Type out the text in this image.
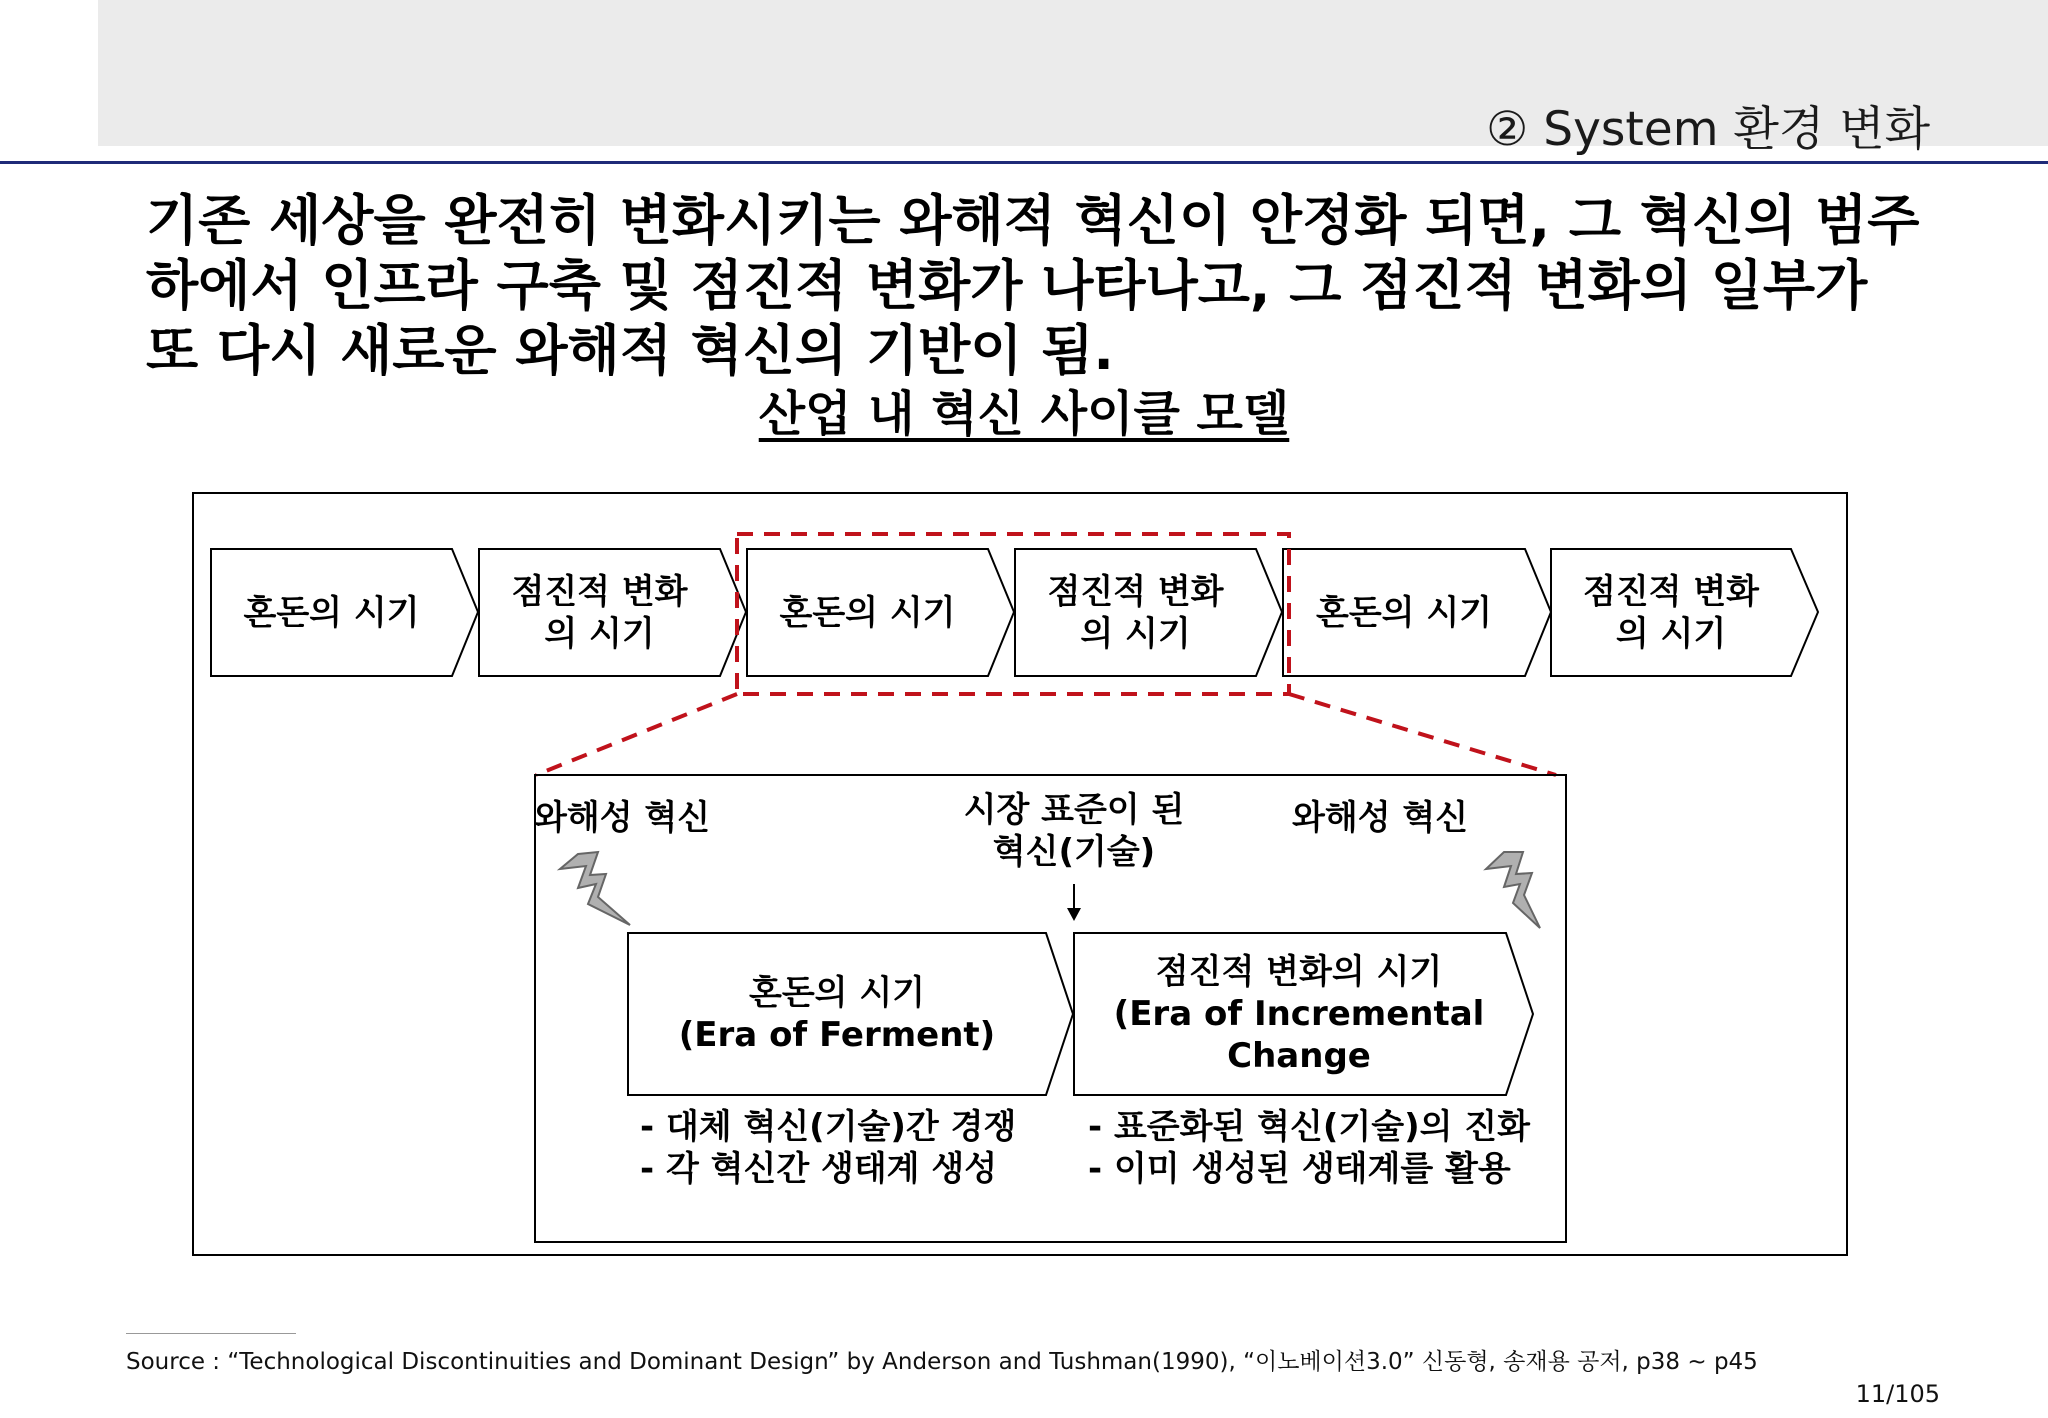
② System 환경 변화
기존 세상을 완전히 변화시키는 와해적 혁신이 안정화 되면, 그 혁신의 범주
하에서 인프라 구축 및 점진적 변화가 나타나고, 그 점진적 변화의 일부가
또 다시 새로운 와해적 혁신의 기반이 됨.
산업 내 혁신 사이클 모델
혼돈의 시기
점진적 변화의 시기
혼돈의 시기
점진적 변화의 시기
혼돈의 시기
점진적 변화의 시기
와해성 혁신	시장 표준이 된 혁신(기술)
와해성 혁신
혼돈의 시기
(Era of Ferment)
점진적 변화의 시기
(Era of Incremental Change
- 대체 혁신(기술)간 경쟁
- 각 혁신간 생태계 생성
- 표준화된 혁신(기술)의 진화
- 이미 생성된 생태계를 활용
Source : “Technological Discontinuities and Dominant Design” by Anderson and Tushman(1990), “이노베이션3.0” 신동형, 송재용 공저, p38 ~ p45
11/105
